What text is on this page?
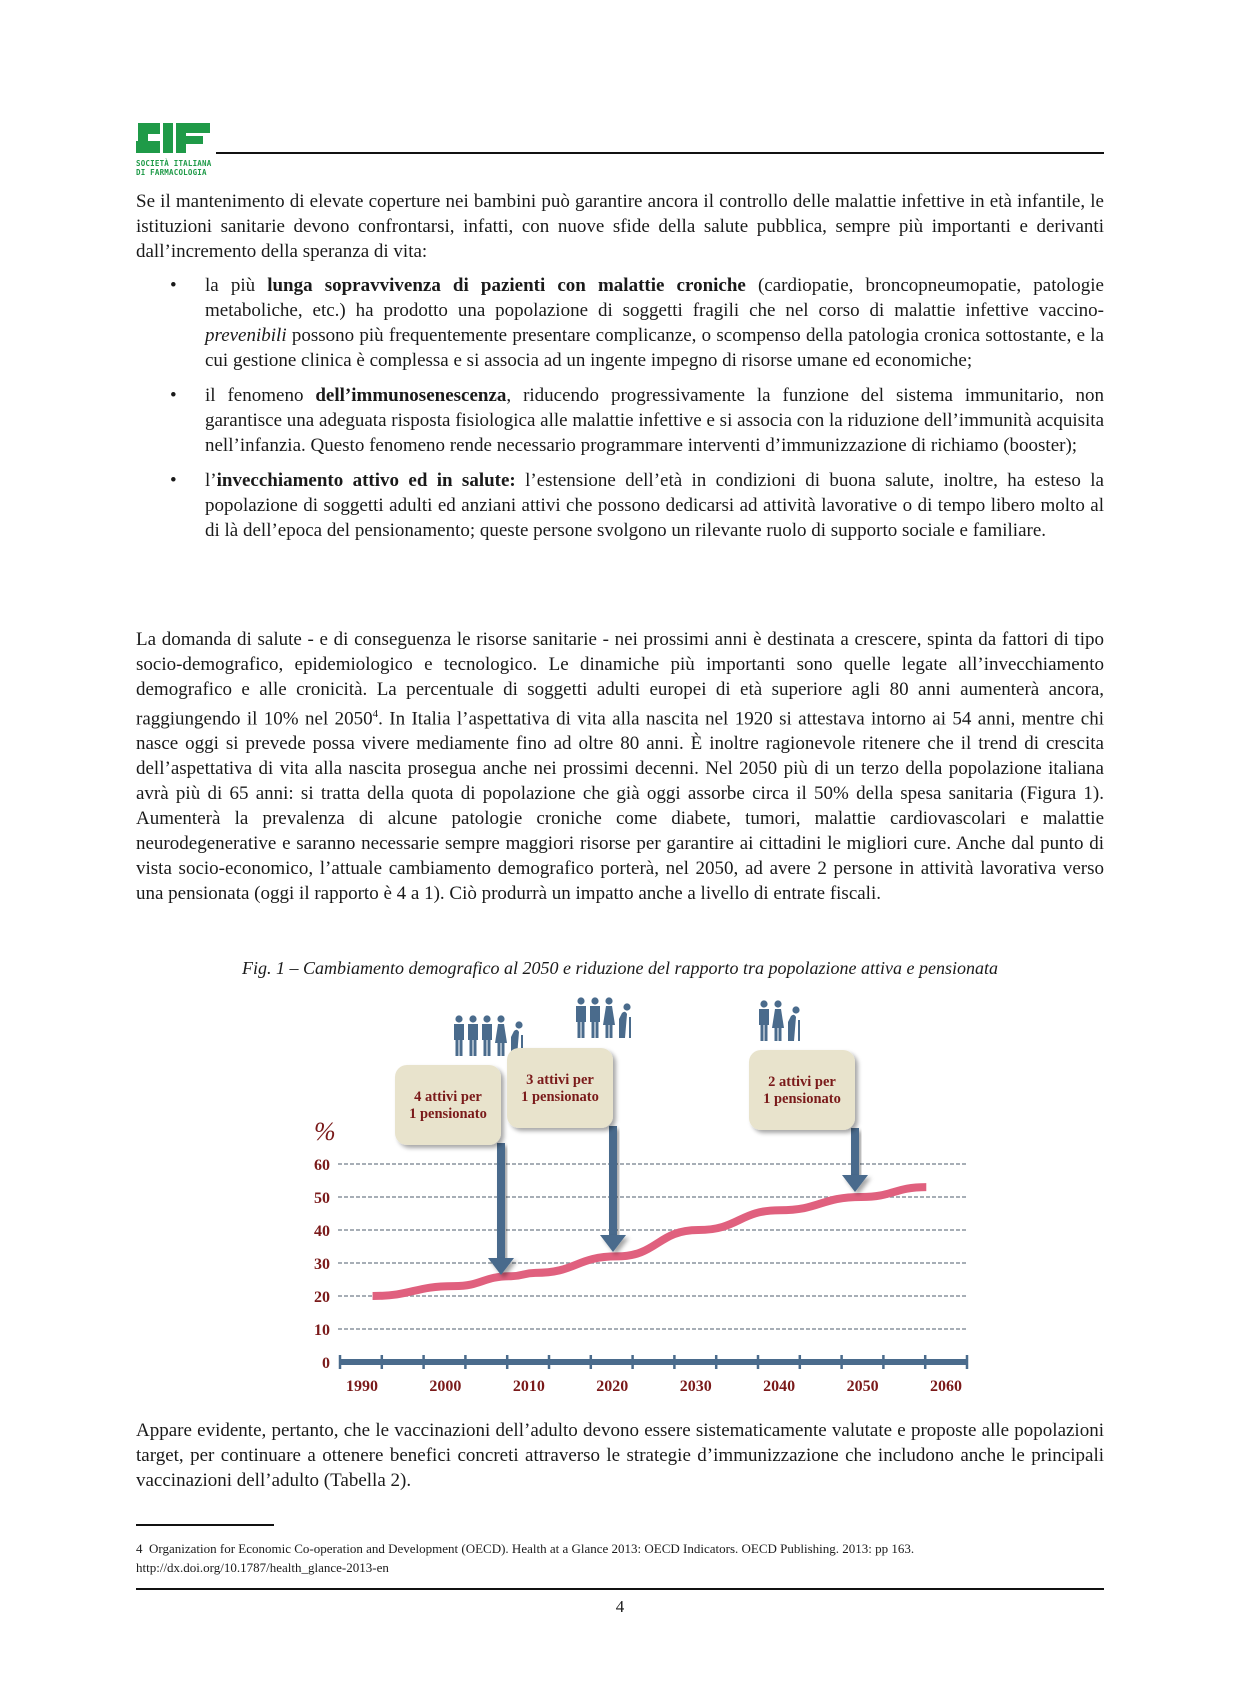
SOCIETÀ ITALIANA
DI FARMACOLOGIA

Se il mantenimento di elevate coperture nei bambini può garantire ancora il controllo delle malattie infettive in età infantile, le istituzioni sanitarie devono confrontarsi, infatti, con nuove sfide della salute pubblica, sempre più importanti e derivanti dall’incremento della speranza di vita:

• la più lunga sopravvivenza di pazienti con malattie croniche (cardiopatie, broncopneumopatie, patologie metaboliche, etc.) ha prodotto una popolazione di soggetti fragili che nel corso di malattie infettive vaccino-prevenibili possono più frequentemente presentare complicanze, o scompenso della patologia cronica sottostante, e la cui gestione clinica è complessa e si associa ad un ingente impegno di risorse umane ed economiche;
• il fenomeno dell’immunosenescenza, riducendo progressivamente la funzione del sistema immunitario, non garantisce una adeguata risposta fisiologica alle malattie infettive e si associa con la riduzione dell’immunità acquisita nell’infanzia. Questo fenomeno rende necessario programmare interventi d’immunizzazione di richiamo (booster);
• l’invecchiamento attivo ed in salute: l’estensione dell’età in condizioni di buona salute, inoltre, ha esteso la popolazione di soggetti adulti ed anziani attivi che possono dedicarsi ad attività lavorative o di tempo libero molto al di là dell’epoca del pensionamento; queste persone svolgono un rilevante ruolo di supporto sociale e familiare.

La domanda di salute - e di conseguenza le risorse sanitarie - nei prossimi anni è destinata a crescere, spinta da fattori di tipo socio-demografico, epidemiologico e tecnologico. Le dinamiche più importanti sono quelle legate all’invecchiamento demografico e alle cronicità. La percentuale di soggetti adulti europei di età superiore agli 80 anni aumenterà ancora, raggiungendo il 10% nel 2050$^4$. In Italia l’aspettativa di vita alla nascita nel 1920 si attestava intorno ai 54 anni, mentre chi nasce oggi si prevede possa vivere mediamente fino ad oltre 80 anni. È inoltre ragionevole ritenere che il trend di crescita dell’aspettativa di vita alla nascita prosegua anche nei prossimi decenni. Nel 2050 più di un terzo della popolazione italiana avrà più di 65 anni: si tratta della quota di popolazione che già oggi assorbe circa il 50% della spesa sanitaria (Figura 1). Aumenterà la prevalenza di alcune patologie croniche come diabete, tumori, malattie cardiovascolari e malattie neurodegenerative e saranno necessarie sempre maggiori risorse per garantire ai cittadini le migliori cure. Anche dal punto di vista socio-economico, l’attuale cambiamento demografico porterà, nel 2050, ad avere 2 persone in attività lavorativa verso una pensionata (oggi il rapporto è 4 a 1). Ciò produrrà un impatto anche a livello di entrate fiscali.

Fig. 1 – Cambiamento demografico al 2050 e riduzione del rapporto tra popolazione attiva e pensionata
%
0
10
20
30
40
50
60
1990	2000	2010	2020	2030	2040	2050	2060
4 attivi per
1 pensionato
3 attivi per
1 pensionato
2 attivi per
1 pensionato

Appare evidente, pertanto, che le vaccinazioni dell’adulto devono essere sistematicamente valutate e proposte alle popolazioni target, per continuare a ottenere benefici concreti attraverso le strategie d’immunizzazione che includono anche le principali vaccinazioni dell’adulto (Tabella 2).

4 Organization for Economic Co-operation and Development (OECD). Health at a Glance 2013: OECD Indicators. OECD Publishing. 2013: pp 163.
http://dx.doi.org/10.1787/health_glance-2013-en
4
